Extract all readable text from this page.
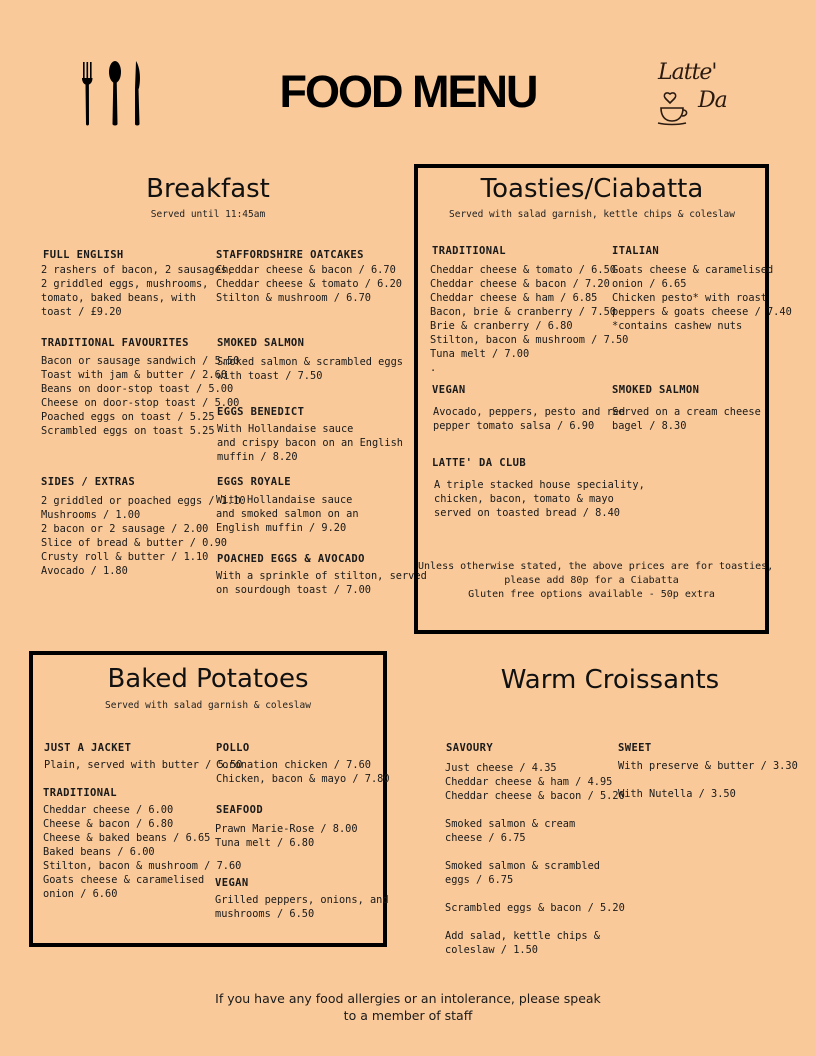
FOOD MENU	Latte'
Da
Breakfast
Served until 11:45am
FULL ENGLISH
2 rashers of bacon, 2 sausages,
2 griddled eggs, mushrooms,
tomato, baked beans, with
toast / £9.20
STAFFORDSHIRE OATCAKES
Cheddar cheese & bacon / 6.70
Cheddar cheese & tomato / 6.20
Stilton & mushroom / 6.70
TRADITIONAL FAVOURITES
Bacon or sausage sandwich / 5.50
Toast with jam & butter / 2.60
Beans on door-stop toast / 5.00
Cheese on door-stop toast / 5.00
Poached eggs on toast / 5.25
Scrambled eggs on toast 5.25
SMOKED SALMON
Smoked salmon & scrambled eggs
with toast / 7.50
EGGS BENEDICT
With Hollandaise sauce
and crispy bacon on an English
muffin / 8.20
SIDES / EXTRAS
2 griddled or poached eggs / 1.10
Mushrooms / 1.00
2 bacon or 2 sausage / 2.00
Slice of bread & butter / 0.90
Crusty roll & butter / 1.10
Avocado / 1.80
EGGS ROYALE
With Hollandaise sauce
and smoked salmon on an
English muffin / 9.20
POACHED EGGS & AVOCADO
With a sprinkle of stilton, served
on sourdough toast / 7.00
Toasties/Ciabatta
Served with salad garnish, kettle chips & coleslaw
TRADITIONAL
Cheddar cheese & tomato / 6.50
Cheddar cheese & bacon / 7.20
Cheddar cheese & ham / 6.85
Bacon, brie & cranberry / 7.50
Brie & cranberry / 6.80
Stilton, bacon & mushroom / 7.50
Tuna melt / 7.00
.
ITALIAN
Goats cheese & caramelised
onion / 6.65
Chicken pesto* with roast
peppers & goats cheese / 7.40
*contains cashew nuts
VEGAN
Avocado, peppers, pesto and red
pepper tomato salsa / 6.90
SMOKED SALMON
Served on a cream cheese
bagel / 8.30
LATTE' DA CLUB
A triple stacked house speciality,
chicken, bacon, tomato & mayo
served on toasted bread / 8.40
Unless otherwise stated, the above prices are for toasties,
please add 80p for a Ciabatta
Gluten free options available - 50p extra
Baked Potatoes
Served with salad garnish & coleslaw
JUST A JACKET
Plain, served with butter / 5.50
TRADITIONAL
Cheddar cheese / 6.00
Cheese & bacon / 6.80
Cheese & baked beans / 6.65
Baked beans / 6.00
Stilton, bacon & mushroom / 7.60
Goats cheese & caramelised
onion / 6.60
POLLO
Coronation chicken / 7.60
Chicken, bacon & mayo / 7.80
SEAFOOD
Prawn Marie-Rose / 8.00
Tuna melt / 6.80
VEGAN
Grilled peppers, onions, and
mushrooms / 6.50
Warm Croissants
SAVOURY
Just cheese / 4.35
Cheddar cheese & ham / 4.95
Cheddar cheese & bacon / 5.20

Smoked salmon & cream
cheese / 6.75

Smoked salmon & scrambled
eggs / 6.75

Scrambled eggs & bacon / 5.20

Add salad, kettle chips &
coleslaw / 1.50
SWEET
With preserve & butter / 3.30

With Nutella / 3.50
If you have any food allergies or an intolerance, please speak
to a member of staff
